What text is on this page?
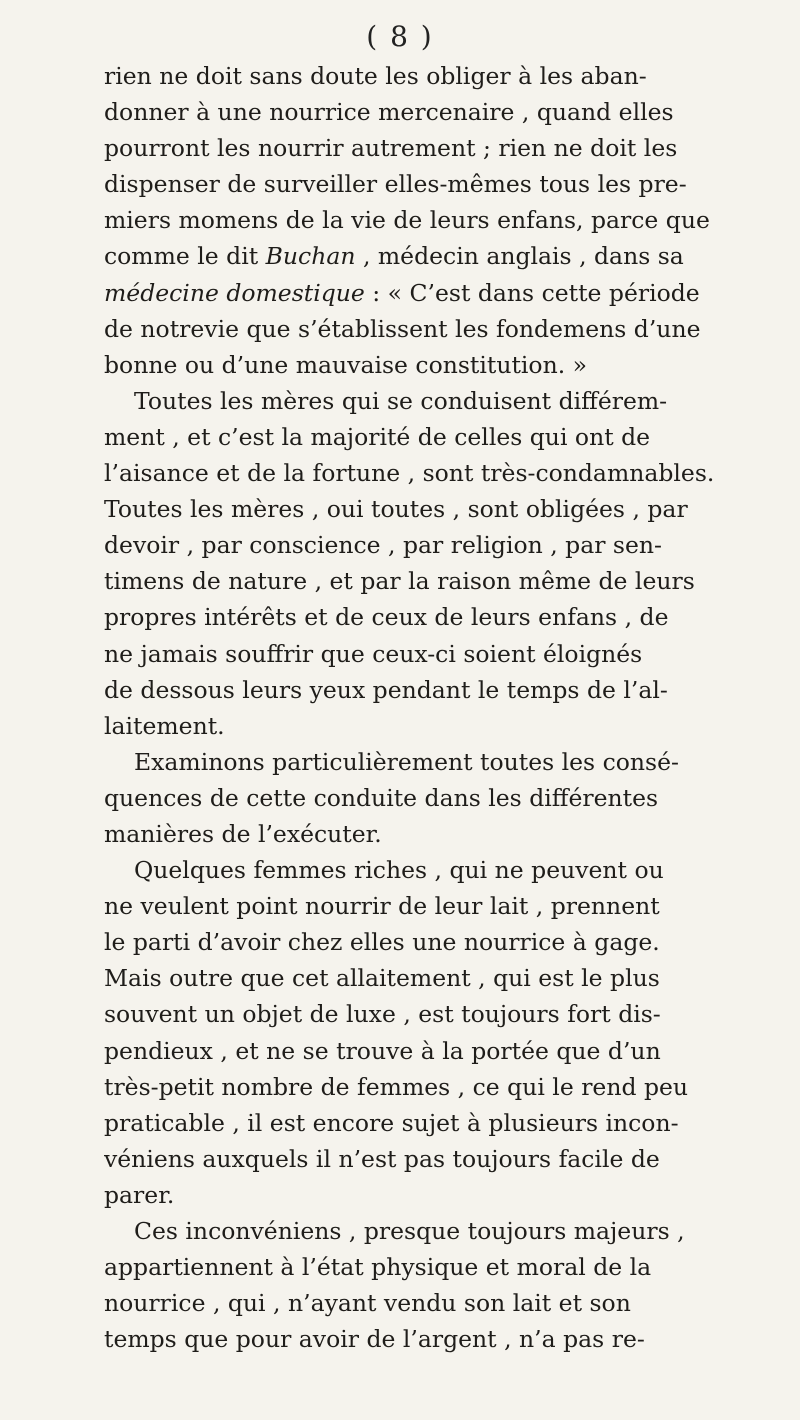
( 8 )
rien ne doit sans doute les obliger à les aban-
donner à une nourrice mercenaire , quand elles
pourront les nourrir autrement ; rien ne doit les
dispenser de surveiller elles-mêmes tous les pre-
miers momens de la vie de leurs enfans, parce que
comme le dit Buchan , médecin anglais , dans sa
médecine domestique : « C’est dans cette période
de notrevie que s’établissent les fondemens d’une
bonne ou d’une mauvaise constitution. »
Toutes les mères qui se conduisent différem-
ment , et c’est la majorité de celles qui ont de
l’aisance et de la fortune , sont très-condamnables.
Toutes les mères , oui toutes , sont obligées , par
devoir , par conscience , par religion , par sen-
timens de nature , et par la raison même de leurs
propres intérêts et de ceux de leurs enfans , de
ne jamais souffrir que ceux-ci soient éloignés
de dessous leurs yeux pendant le temps de l’al-
laitement.
Examinons particulièrement toutes les consé-
quences de cette conduite dans les différentes
manières de l’exécuter.
Quelques femmes riches , qui ne peuvent ou
ne veulent point nourrir de leur lait , prennent
le parti d’avoir chez elles une nourrice à gage.
Mais outre que cet allaitement , qui est le plus
souvent un objet de luxe , est toujours fort dis-
pendieux , et ne se trouve à la portée que d’un
très-petit nombre de femmes , ce qui le rend peu
praticable , il est encore sujet à plusieurs incon-
véniens auxquels il n’est pas toujours facile de
parer.
Ces inconvéniens , presque toujours majeurs ,
appartiennent à l’état physique et moral de la
nourrice , qui , n’ayant vendu son lait et son
temps que pour avoir de l’argent , n’a pas re-
